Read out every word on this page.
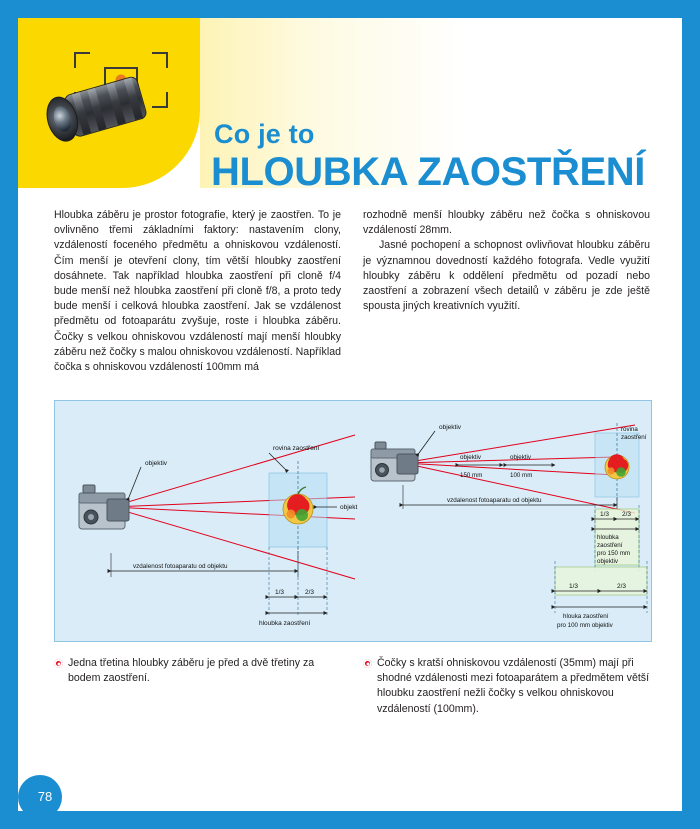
Co je to
HLOUBKA ZAOSTŘENÍ

Hloubka záběru je prostor fotografie, který je zaostřen. To je ovlivněno třemi základními faktory: nastavením clony, vzdáleností foceného předmětu a ohniskovou vzdáleností. Čím menší je otevření clony, tím větší hloubky zaostření dosáhnete. Tak například hloubka zaostření při cloně f/4 bude menší než hloubka zaostření při cloně f/8, a proto tedy bude menší i celková hloubka zaostření. Jak se vzdálenost předmětu od fotoaparátu zvyšuje, roste i hloubka záběru. Čočky s velkou ohniskovou vzdáleností mají menší hloubky záběru než čočky s malou ohniskovou vzdáleností. Například čočka s ohniskovou vzdáleností 100mm má

rozhodně menší hloubky záběru než čočka s ohniskovou vzdáleností 28mm.

Jasné pochopení a schopnost ovlivňovat hloubku záběru je významnou dovedností každého fotografa. Vedle využití hloubky záběru k oddělení předmětu od pozadí nebo zaostření a zobrazení všech detailů v záběru je zde ještě spousta jiných kreativních využití.

objektiv
rovina zaostření
objekt
vzdalenost fotoaparatu od objektu
1/3	2/3
hloubka zaostření
objektiv	rovina
zaostření
objektiv
150 mm
objektiv
100 mm
vzdalenost fotoaparatu od objektu
1/3 2/3
hloubka
zaostření
pro 150 mm
objektiv
1/3	2/3
hlouka zaostření
pro 100 mm objektiv
Jedna třetina hloubky záběru je před a dvě třetiny za bodem zaostření.
Čočky s kratší ohniskovou vzdáleností (35mm) mají při shodné vzdálenosti mezi fotoaparátem a předmětem větší hloubku zaostření nežli čočky s velkou ohniskovou vzdáleností (100mm).
78
